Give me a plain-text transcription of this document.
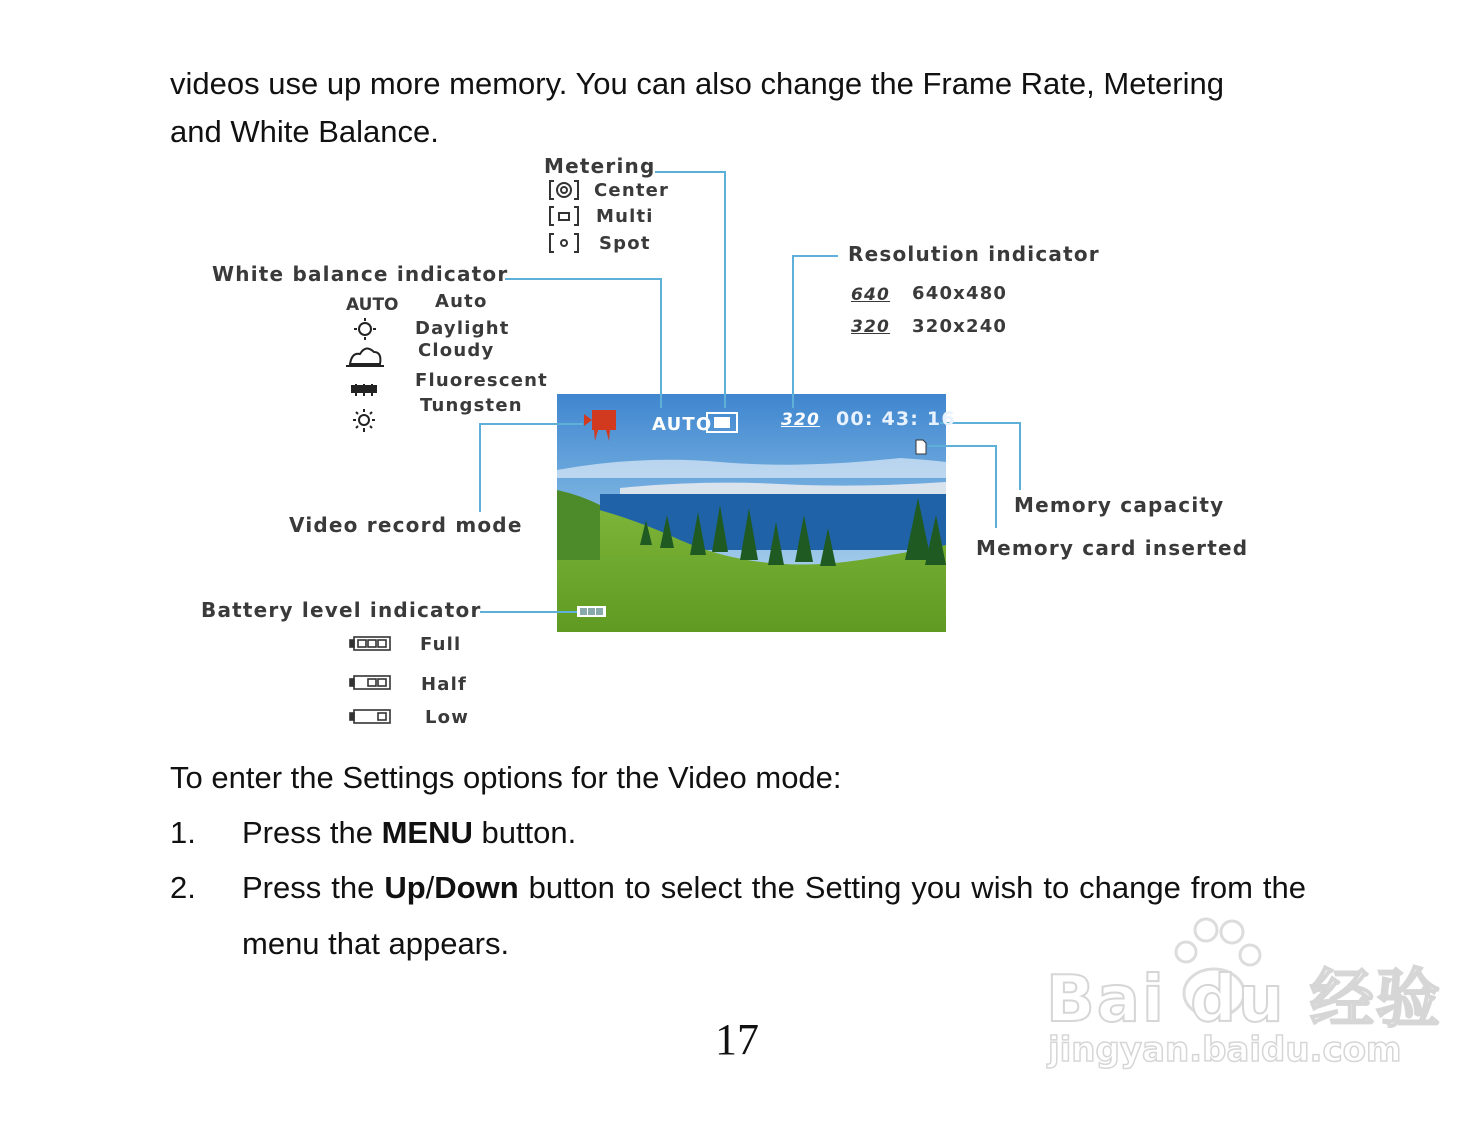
videos use up more memory. You can also change the Frame Rate, Metering

and White Balance.

AUTO	320 00: 43: 16
Metering
Center
Multi
Spot
White balance indicator
AUTO Auto
Daylight
Cloudy
Fluorescent
Tungsten
Resolution indicator
640 640x480
320 320x240
Video record mode
Memory capacity
Memory card inserted
Battery level indicator
Full
Half
Low
To enter the Settings options for the Video mode:
1. Press the MENU button.
2. Press the Up/Down button to select the Setting you wish to change from the menu that appears.
17
Bai du 经验
jingyan.baidu.com
